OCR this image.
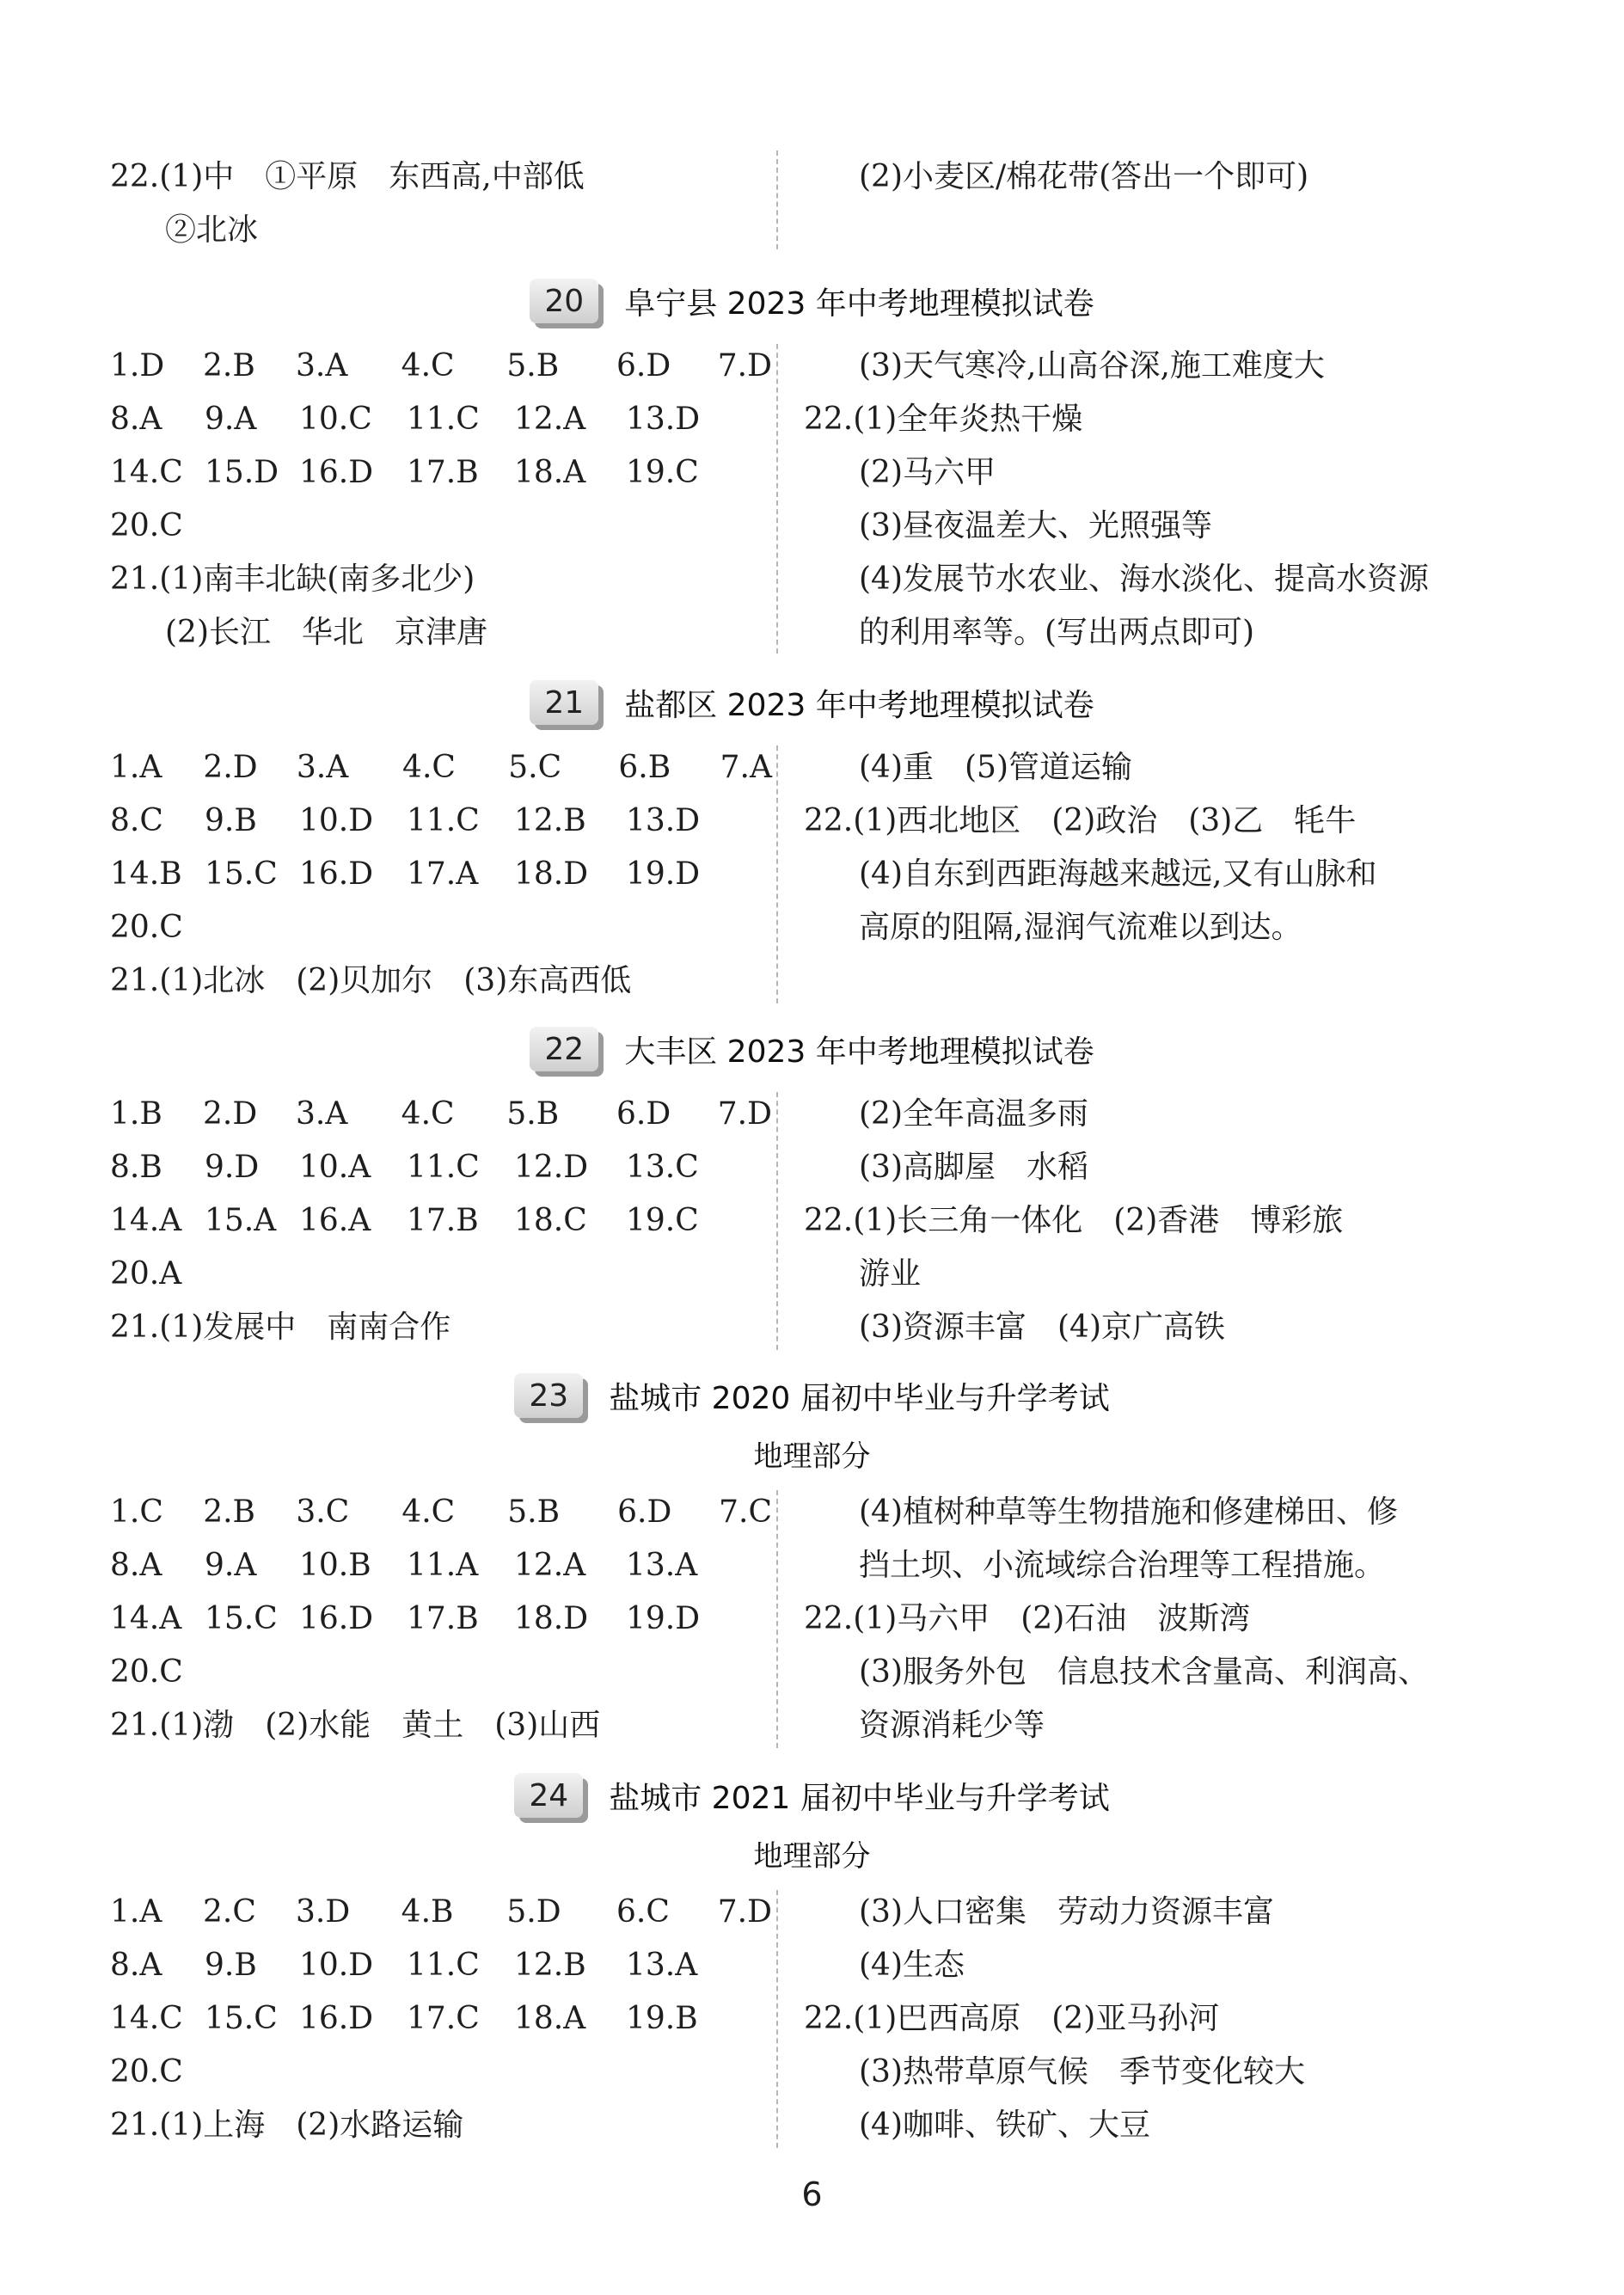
22.(1)中　①平原　东西高,中部低
②北冰
(2)小麦区/棉花带(答出一个即可)
20	阜宁县 2023 年中考地理模拟试卷
1.D	2.B	3.A	4.C	5.B	6.D	7.D
8.A	9.A	10.C	11.C	12.A	13.D
14.C 15.D 16.D	17.B	18.A	19.C
20.C
21.(1)南丰北缺(南多北少)
(2)长江　华北　京津唐
(3)天气寒冷,山高谷深,施工难度大
22.(1)全年炎热干燥
(2)马六甲
(3)昼夜温差大、光照强等
(4)发展节水农业、海水淡化、提高水资源
的利用率等。(写出两点即可)
21	盐都区 2023 年中考地理模拟试卷
1.A	2.D	3.A	4.C	5.C	6.B	7.A
8.C	9.B	10.D	11.C	12.B	13.D
14.B 15.C 16.D	17.A	18.D	19.D
20.C
21.(1)北冰　(2)贝加尔　(3)东高西低
(4)重　(5)管道运输
22.(1)西北地区　(2)政治　(3)乙　牦牛
(4)自东到西距海越来越远,又有山脉和
高原的阻隔,湿润气流难以到达。
22	大丰区 2023 年中考地理模拟试卷
1.B	2.D	3.A	4.C	5.B	6.D	7.D
8.B	9.D	10.A	11.C	12.D	13.C
14.A 15.A 16.A	17.B	18.C	19.C
20.A
21.(1)发展中　南南合作
(2)全年高温多雨
(3)高脚屋　水稻
22.(1)长三角一体化　(2)香港　博彩旅
游业
(3)资源丰富　(4)京广高铁
23	盐城市 2020 届初中毕业与升学考试
地理部分
1.C	2.B	3.C	4.C	5.B	6.D	7.C
8.A	9.A	10.B	11.A	12.A	13.A
14.A 15.C 16.D	17.B	18.D	19.D
20.C
21.(1)渤　(2)水能　黄土　(3)山西
(4)植树种草等生物措施和修建梯田、修
挡土坝、小流域综合治理等工程措施。
22.(1)马六甲　(2)石油　波斯湾
(3)服务外包　信息技术含量高、利润高、
资源消耗少等
24	盐城市 2021 届初中毕业与升学考试
地理部分
1.A	2.C	3.D	4.B	5.D	6.C	7.D
8.A	9.B	10.D	11.C	12.B	13.A
14.C 15.C 16.D	17.C	18.A	19.B
20.C
21.(1)上海　(2)水路运输
(3)人口密集　劳动力资源丰富
(4)生态
22.(1)巴西高原　(2)亚马孙河
(3)热带草原气候　季节变化较大
(4)咖啡、铁矿、大豆
6
